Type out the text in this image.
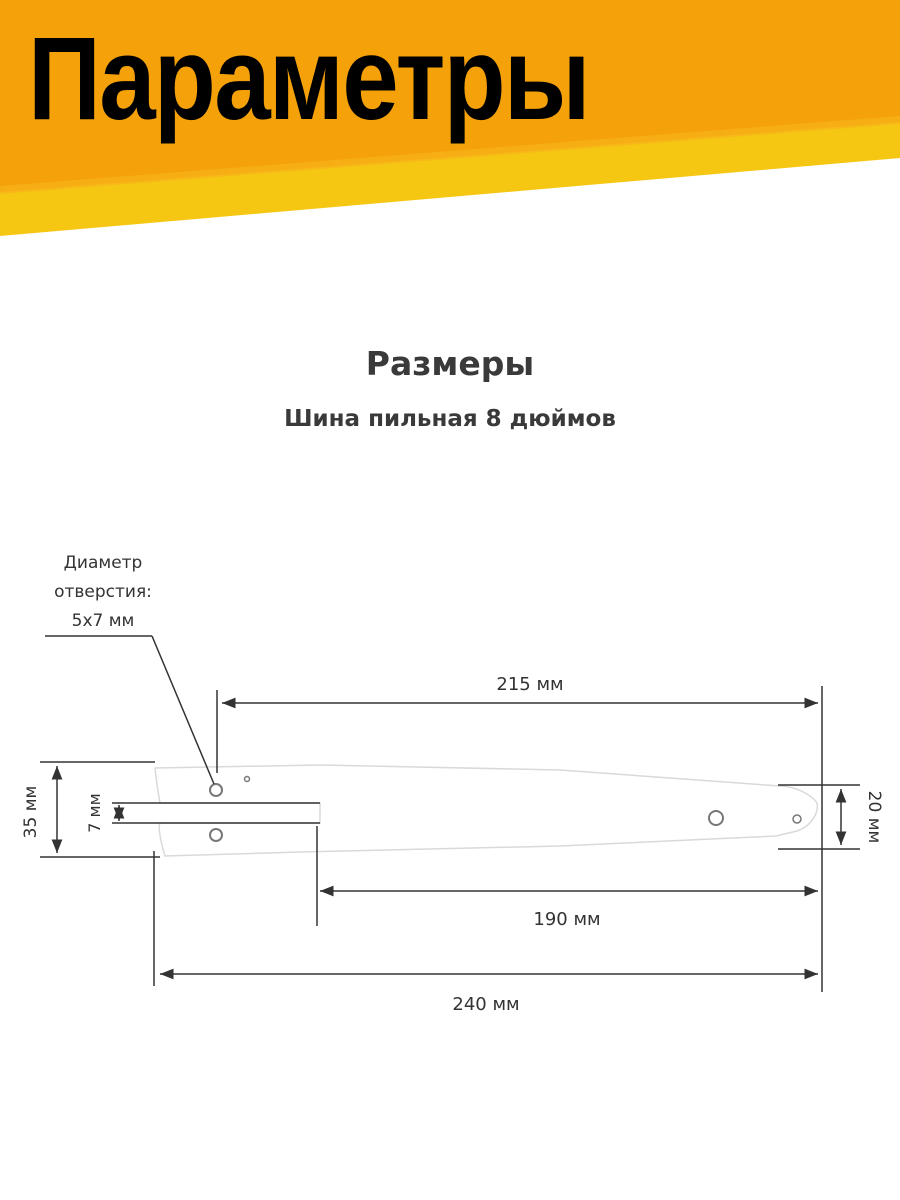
Параметры
Размеры
Шина пильная 8 дюймов
Диаметр
отверстия:
5х7 мм
215 мм
190 мм
240 мм
35 мм	7 мм	20 мм
